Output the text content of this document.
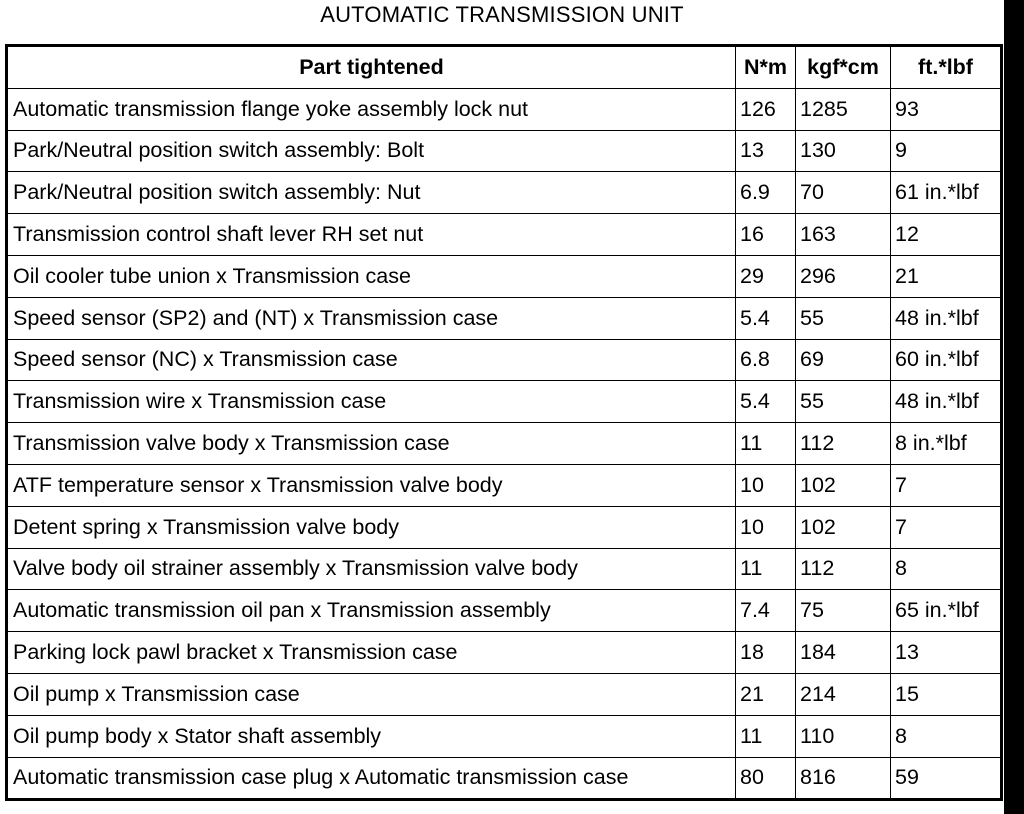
AUTOMATIC TRANSMISSION UNIT
Part tightened	N*m	kgf*cm	ft.*lbf
Automatic transmission flange yoke assembly lock nut	126	1285	93
Park/Neutral position switch assembly: Bolt	13	130	9
Park/Neutral position switch assembly: Nut	6.9	70	61 in.*lbf
Transmission control shaft lever RH set nut	16	163	12
Oil cooler tube union x Transmission case	29	296	21
Speed sensor (SP2) and (NT) x Transmission case	5.4	55	48 in.*lbf
Speed sensor (NC) x Transmission case	6.8	69	60 in.*lbf
Transmission wire x Transmission case	5.4	55	48 in.*lbf
Transmission valve body x Transmission case	11	112	8 in.*lbf
ATF temperature sensor x Transmission valve body	10	102	7
Detent spring x Transmission valve body	10	102	7
Valve body oil strainer assembly x Transmission valve body	11	112	8
Automatic transmission oil pan x Transmission assembly	7.4	75	65 in.*lbf
Parking lock pawl bracket x Transmission case	18	184	13
Oil pump x Transmission case	21	214	15
Oil pump body x Stator shaft assembly	11	110	8
Automatic transmission case plug x Automatic transmission case	80	816	59
